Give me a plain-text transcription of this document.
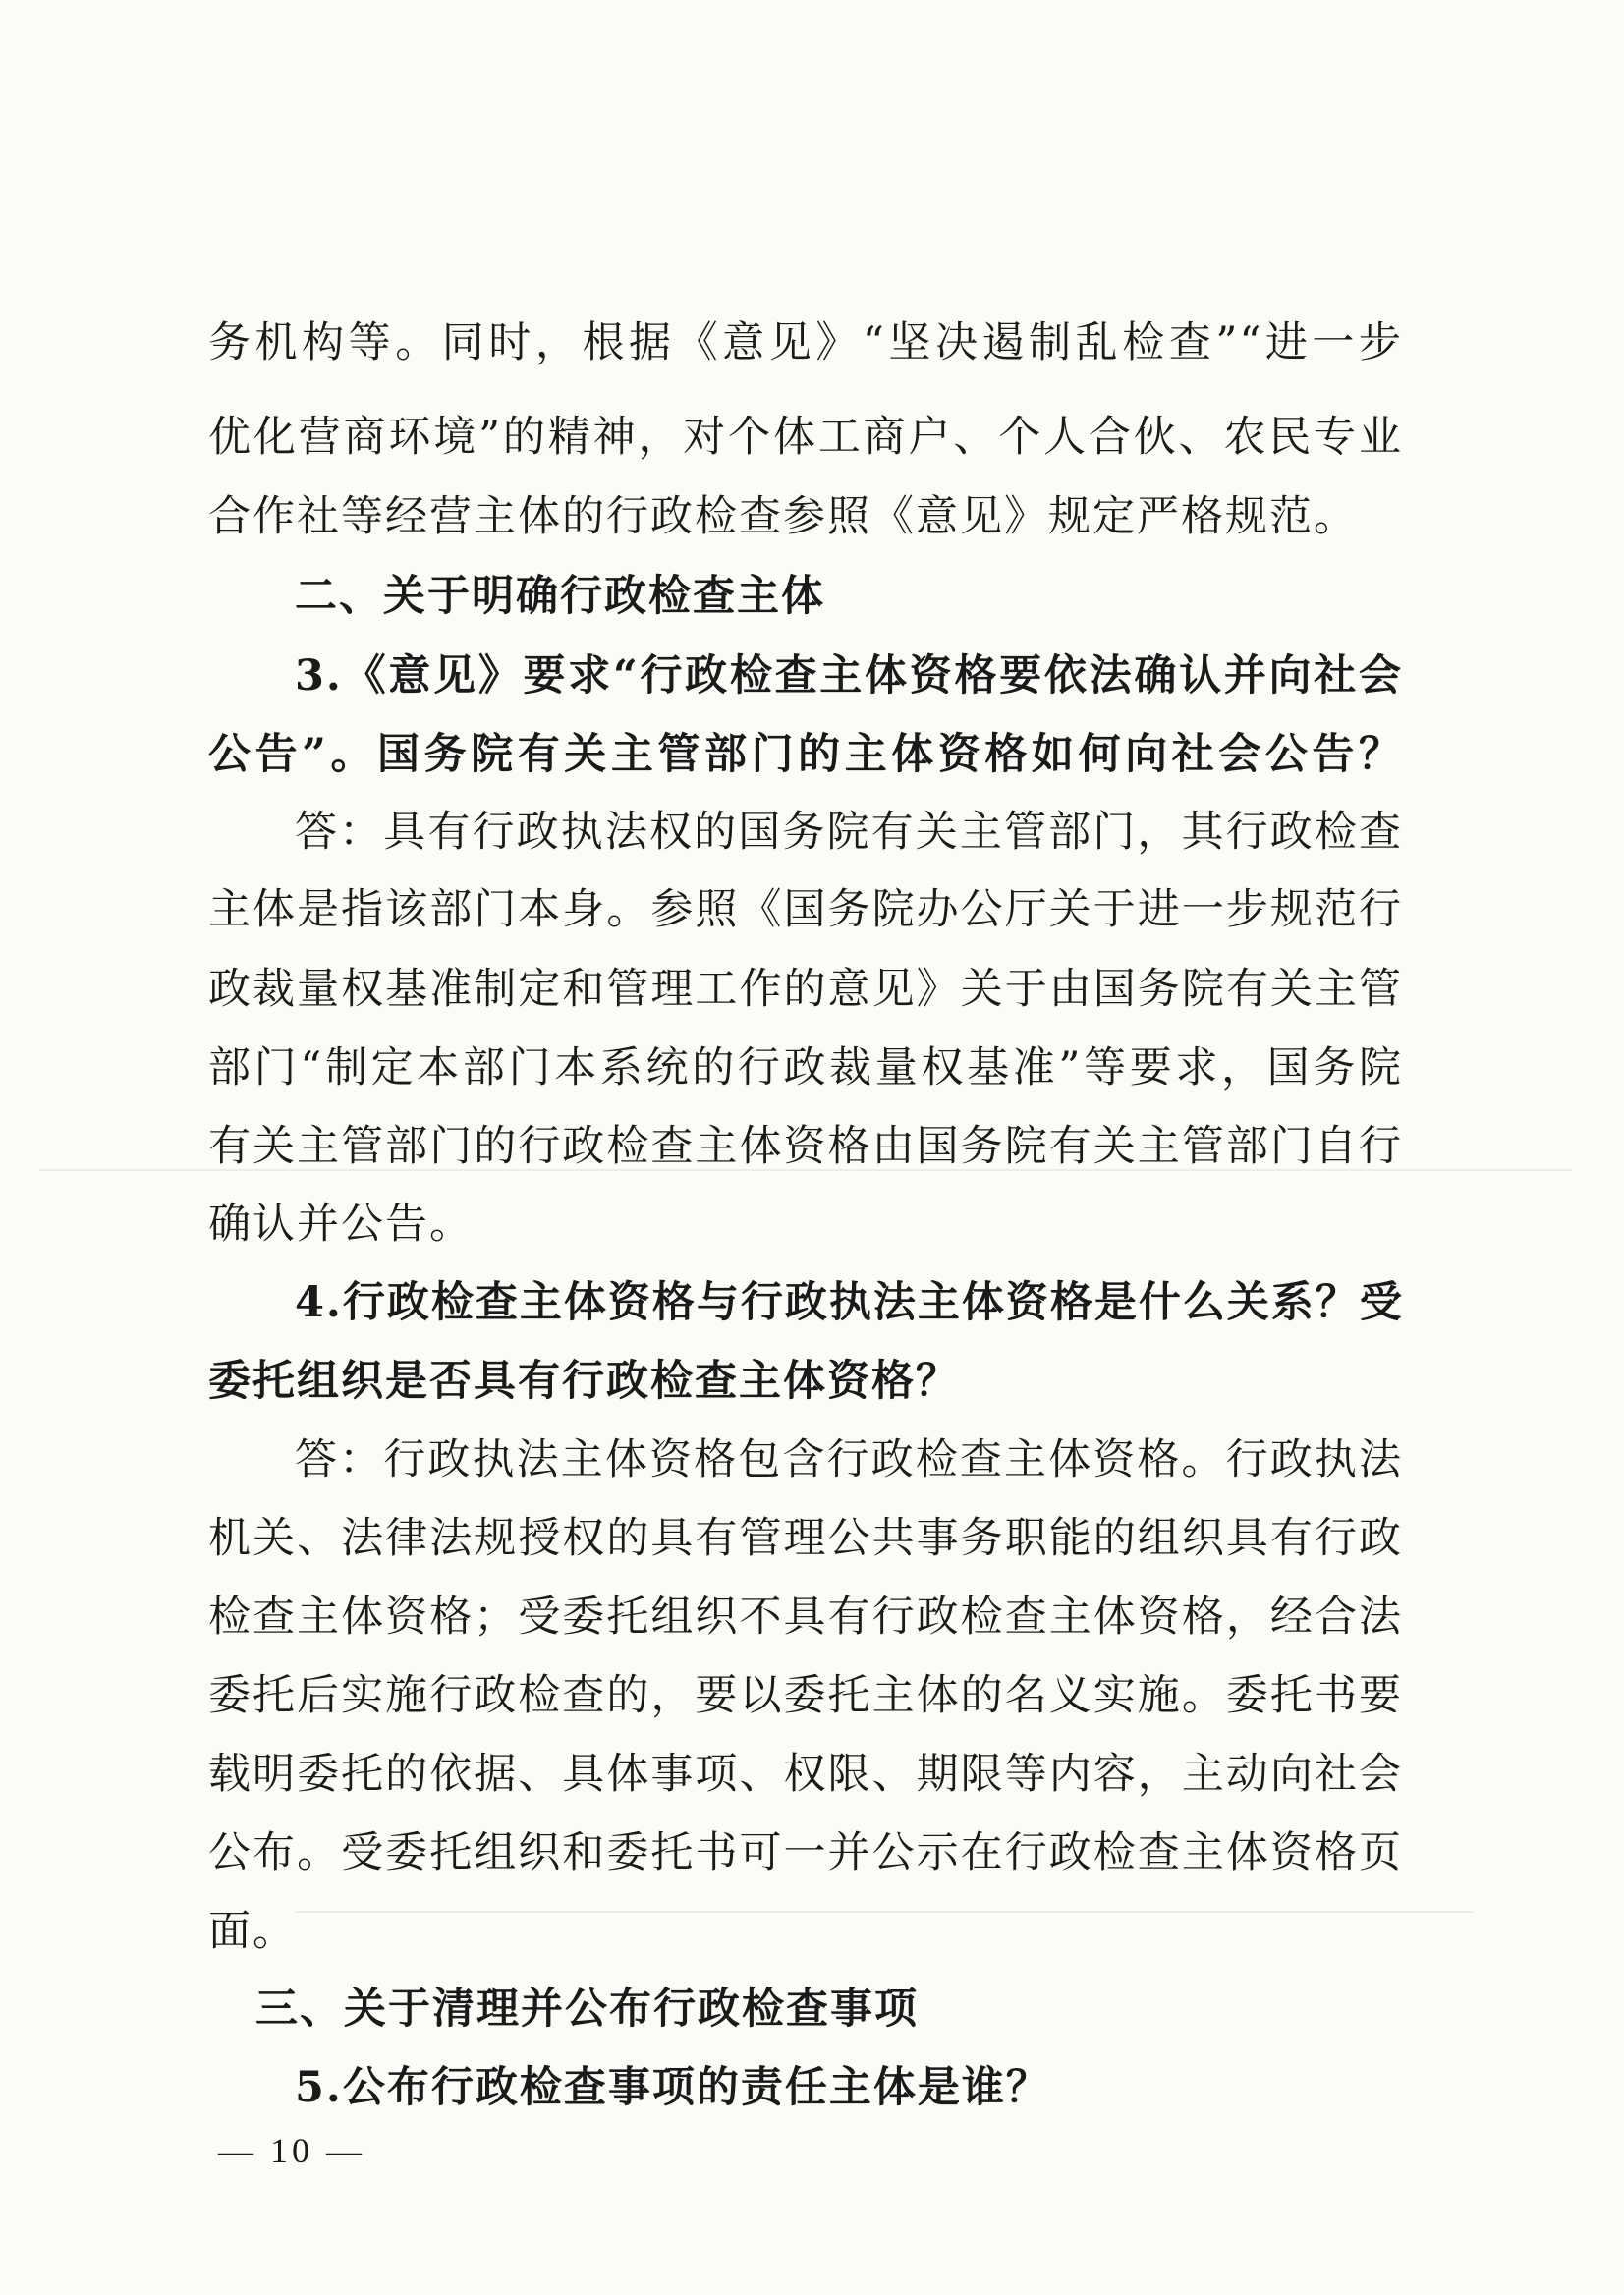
务机构等。同时，根据《意见》“坚决遏制乱检查”“进一步
优化营商环境”的精神，对个体工商户、个人合伙、农民专业
合作社等经营主体的行政检查参照《意见》规定严格规范。
二、关于明确行政检查主体
3.《意见》要求“行政检查主体资格要依法确认并向社会
公告”。国务院有关主管部门的主体资格如何向社会公告？
答：具有行政执法权的国务院有关主管部门，其行政检查
主体是指该部门本身。参照《国务院办公厅关于进一步规范行
政裁量权基准制定和管理工作的意见》关于由国务院有关主管
部门“制定本部门本系统的行政裁量权基准”等要求，国务院
有关主管部门的行政检查主体资格由国务院有关主管部门自行
确认并公告。
4.行政检查主体资格与行政执法主体资格是什么关系？受
委托组织是否具有行政检查主体资格？
答：行政执法主体资格包含行政检查主体资格。行政执法
机关、法律法规授权的具有管理公共事务职能的组织具有行政
检查主体资格；受委托组织不具有行政检查主体资格，经合法
委托后实施行政检查的，要以委托主体的名义实施。委托书要
载明委托的依据、具体事项、权限、期限等内容，主动向社会
公布。受委托组织和委托书可一并公示在行政检查主体资格页
面。
三、关于清理并公布行政检查事项
5.公布行政检查事项的责任主体是谁？
— 10 —
